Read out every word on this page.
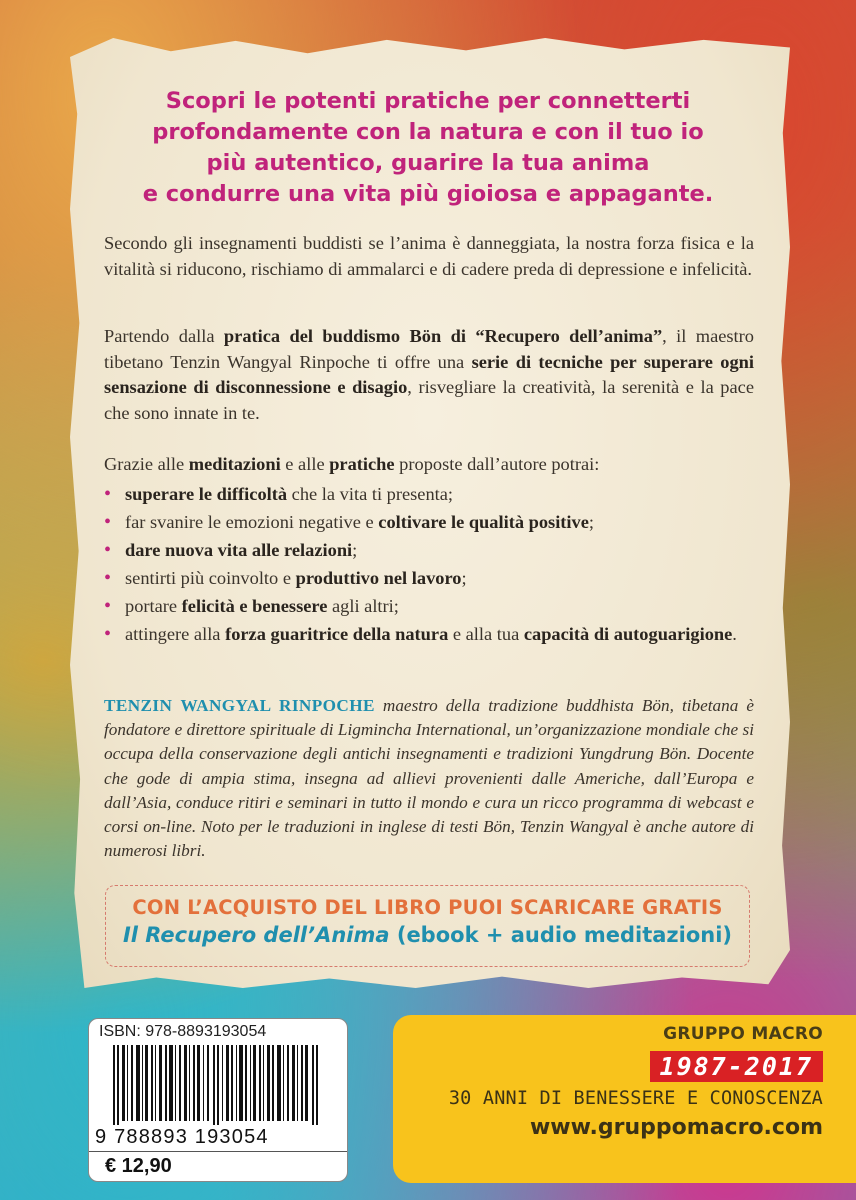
Scopri le potenti pratiche per connetterti
profondamente con la natura e con il tuo io
più autentico, guarire la tua anima
e condurre una vita più gioiosa e appagante.

Secondo gli insegnamenti buddisti se l’anima è danneggiata, la nostra forza fisica e la vitalità si riducono, rischiamo di ammalarci e di cadere preda di depressione e infelicità.

Partendo dalla pratica del buddismo Bön di “Recupero dell’anima”, il maestro tibetano Tenzin Wangyal Rinpoche ti offre una serie di tecniche per superare ogni sensazione di disconnessione e disagio, risvegliare la creatività, la serenità e la pace che sono innate in te.

Grazie alle meditazioni e alle pratiche proposte dall’autore potrai:

• superare le difficoltà che la vita ti presenta;
• far svanire le emozioni negative e coltivare le qualità positive;
• dare nuova vita alle relazioni;
• sentirti più coinvolto e produttivo nel lavoro;
• portare felicità e benessere agli altri;
• attingere alla forza guaritrice della natura e alla tua capacità di autoguarigione.

TENZIN WANGYAL RINPOCHE maestro della tradizione buddhista Bön, tibetana è fondatore e direttore spirituale di Ligmincha International, un’organizzazione mondiale che si occupa della conservazione degli antichi insegnamenti e tradizioni Yungdrung Bön. Docente che gode di ampia stima, insegna ad allievi provenienti dalle Americhe, dall’Europa e dall’Asia, conduce ritiri e seminari in tutto il mondo e cura un ricco programma di webcast e corsi on-line. Noto per le traduzioni in inglese di testi Bön, Tenzin Wangyal è anche autore di numerosi libri.

CON L’ACQUISTO DEL LIBRO PUOI SCARICARE GRATIS
Il Recupero dell’Anima (ebook + audio meditazioni)
ISBN: 978-8893193054
9 788893 193054
€ 12,90
GRUPPO MACRO
1987-2017
30 ANNI DI BENESSERE E CONOSCENZA
www.gruppomacro.com
